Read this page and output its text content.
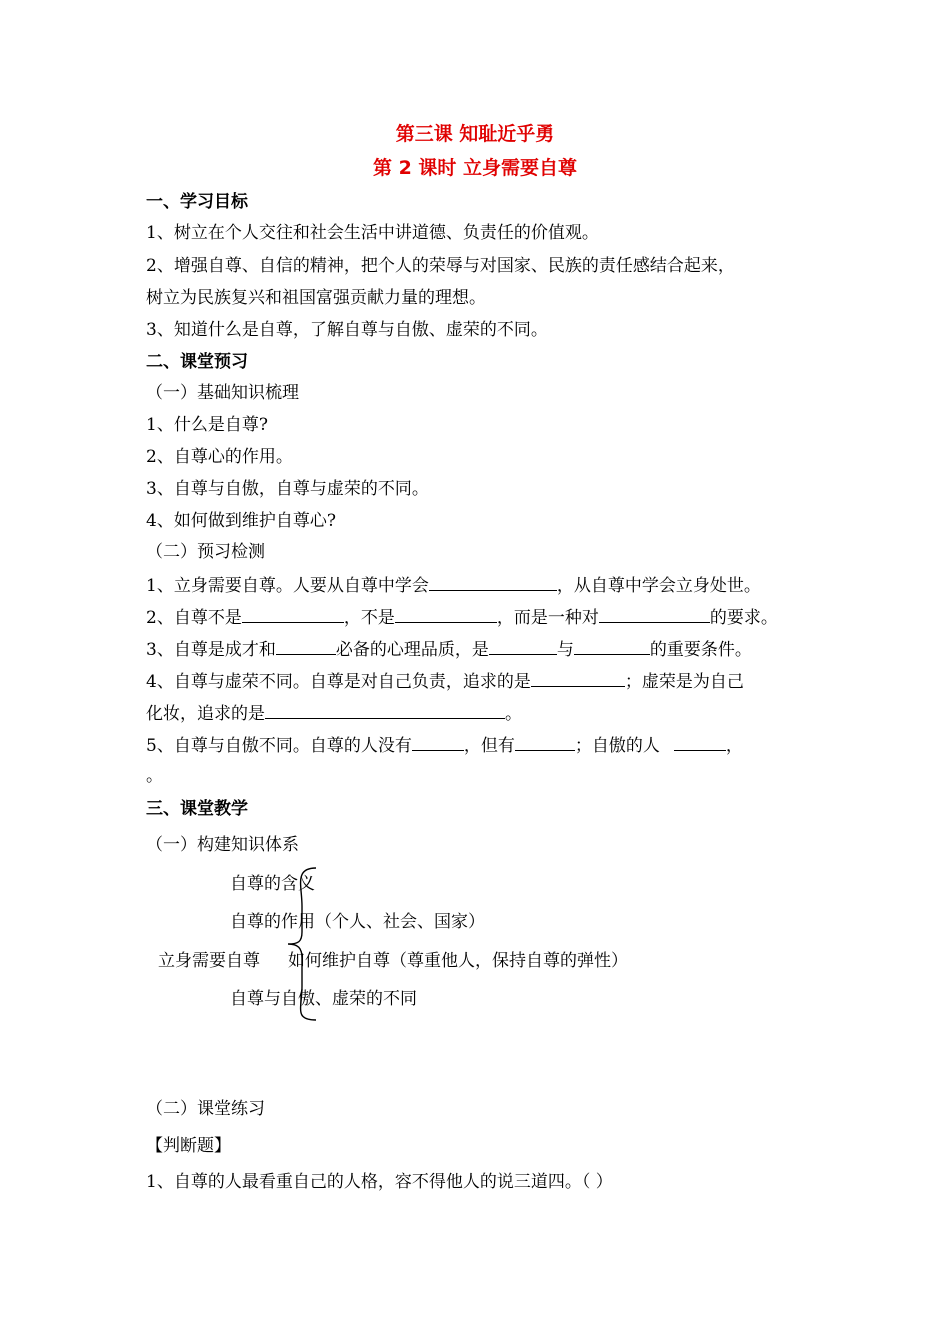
第三课 知耻近乎勇
第 2 课时 立身需要自尊
一、学习目标
1、树立在个人交往和社会生活中讲道德、负责任的价值观。
2、增强自尊、自信的精神，把个人的荣辱与对国家、民族的责任感结合起来，
树立为民族复兴和祖国富强贡献力量的理想。
3、知道什么是自尊，了解自尊与自傲、虚荣的不同。
二、课堂预习
（一）基础知识梳理
1、什么是自尊?
2、自尊心的作用。
3、自尊与自傲，自尊与虚荣的不同。
4、如何做到维护自尊心?
（二）预习检测
1、立身需要自尊。人要从自尊中学会	，从自尊中学会立身处世。
2、自尊不是	，不是	，而是一种对	的要求。
3、自尊是成才和	必备的心理品质，是	与	的重要条件。
4、自尊与虚荣不同。自尊是对自己负责，追求的是	；虚荣是为自己
化妆，追求的是	。
5、自尊与自傲不同。自尊的人没有	，但有	；自傲的人	，
。
三、课堂教学
（一）构建知识体系
自尊的含义
自尊的作用（个人、社会、国家）
立身需要自尊 如何维护自尊（尊重他人，保持自尊的弹性）
自尊与自傲、虚荣的不同
（二）课堂练习
【判断题】
1、自尊的人最看重自己的人格，容不得他人的说三道四。（ ）
